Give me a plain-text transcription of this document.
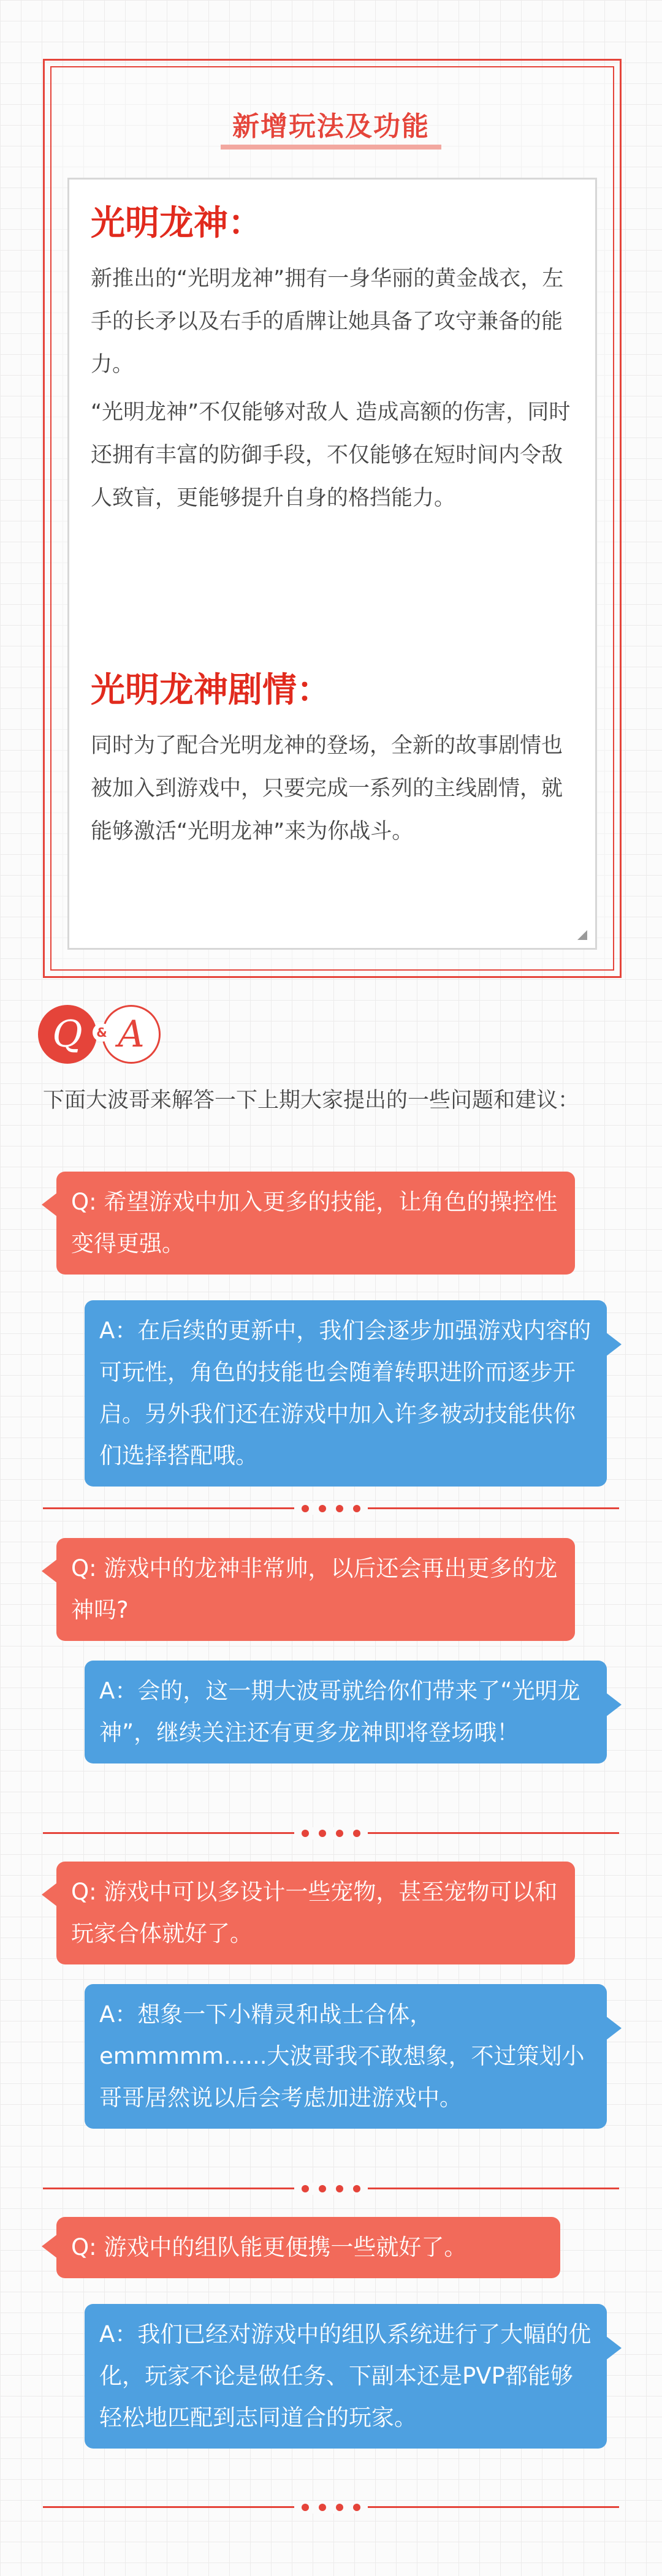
新增玩法及功能
光明龙神：

新推出的“光明龙神”拥有一身华丽的黄金战衣，左手的长矛以及右手的盾牌让她具备了攻守兼备的能力。

“光明龙神”不仅能够对敌人 造成高额的伤害，同时还拥有丰富的防御手段，不仅能够在短时间内令敌人致盲，更能够提升自身的格挡能力。

光明龙神剧情：

同时为了配合光明龙神的登场，全新的故事剧情也被加入到游戏中，只要完成一系列的主线剧情，就能够激活“光明龙神”来为你战斗。

Q A
&

下面大波哥来解答一下上期大家提出的一些问题和建议：

Q: 希望游戏中加入更多的技能，让角色的操控性变得更强。
A：在后续的更新中，我们会逐步加强游戏内容的可玩性，角色的技能也会随着转职进阶而逐步开启。另外我们还在游戏中加入许多被动技能供你们选择搭配哦。
Q: 游戏中的龙神非常帅，以后还会再出更多的龙神吗?
A：会的，这一期大波哥就给你们带来了“光明龙神”，继续关注还有更多龙神即将登场哦！
Q: 游戏中可以多设计一些宠物，甚至宠物可以和玩家合体就好了。
A：想象一下小精灵和战士合体，emmmmm......大波哥我不敢想象，不过策划小哥哥居然说以后会考虑加进游戏中。
Q: 游戏中的组队能更便携一些就好了。
A：我们已经对游戏中的组队系统进行了大幅的优化，玩家不论是做任务、下副本还是PVP都能够轻松地匹配到志同道合的玩家。
